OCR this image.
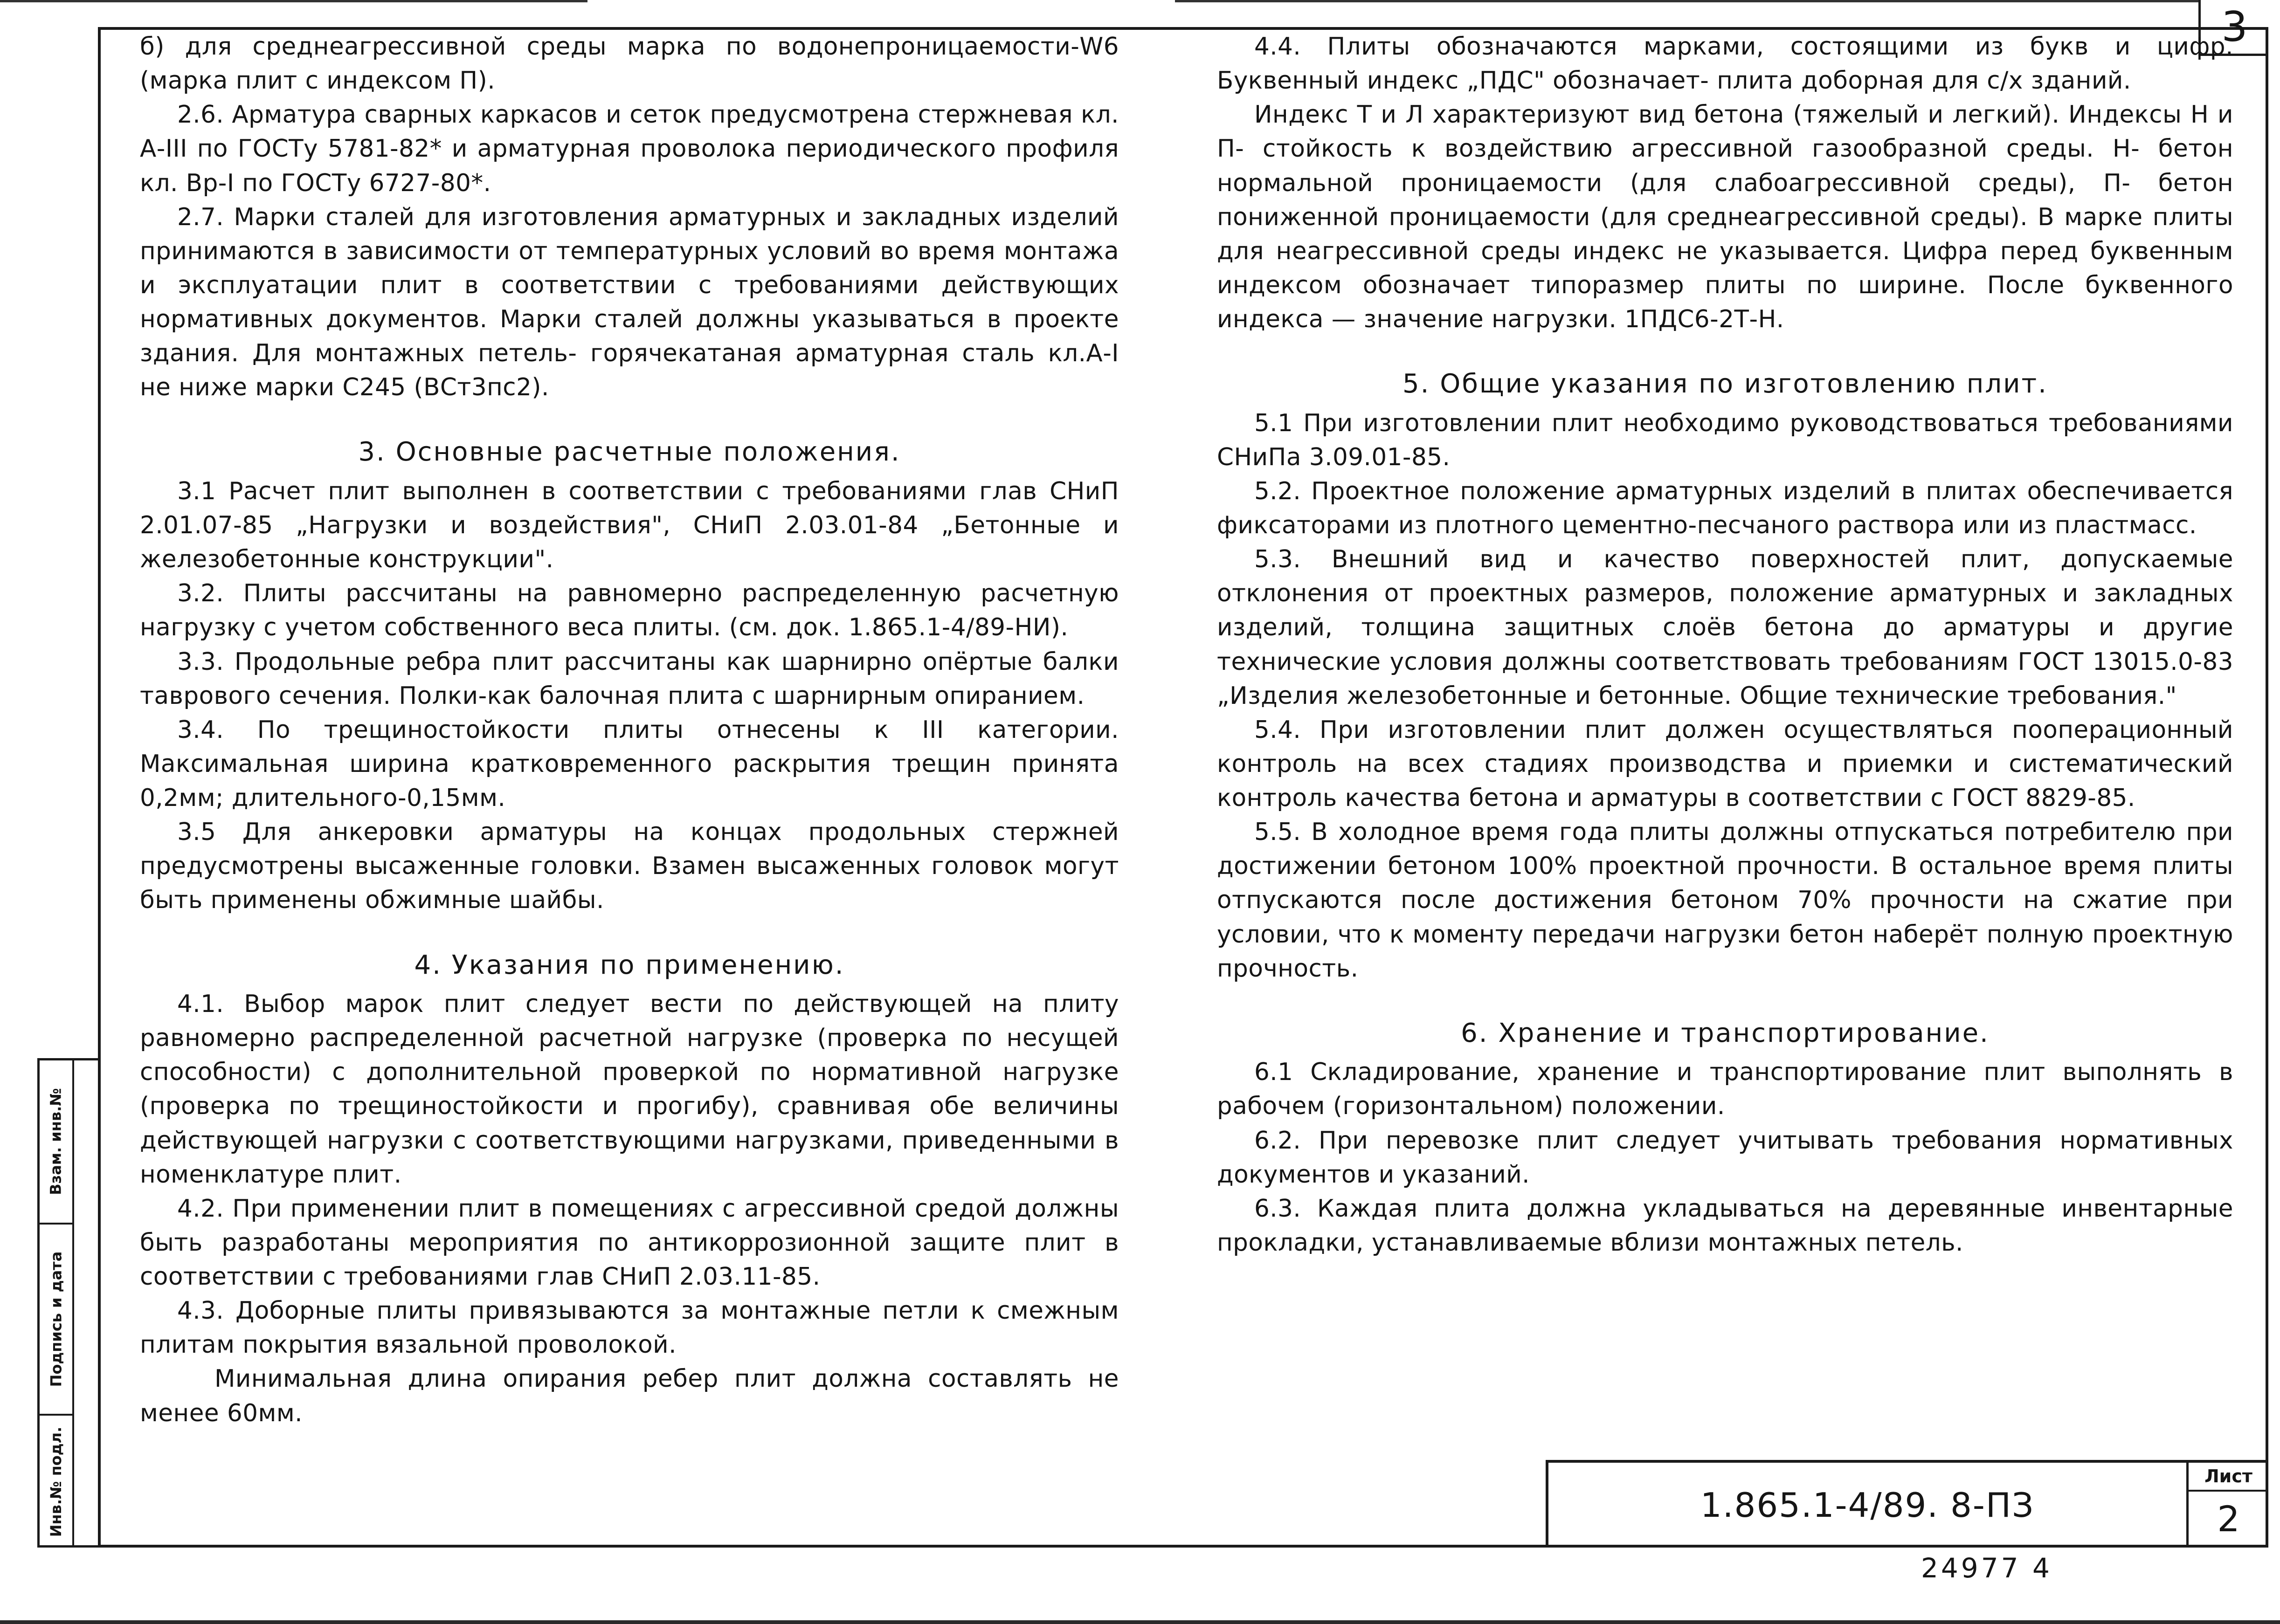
3
Взам. инв.№
Подпись и дата
Инв.№ подл.	1.865.1-4/89. 8-ПЗ
Лист
2
24977 4

б) для среднеагрессивной среды марка по водонепроницаемости-W6 (марка плит с индексом П).

2.6. Арматура сварных каркасов и сеток предусмотрена стержневая кл. А-III по ГОСТу 5781-82* и арматурная проволока периодического профиля кл. Вр-I по ГОСТу 6727-80*.

2.7. Марки сталей для изготовления арматурных и закладных изделий принимаются в зависимости от температурных условий во время монтажа и эксплуатации плит в соответствии с требованиями действующих нормативных документов. Марки сталей должны указываться в проекте здания. Для монтажных петель- горячекатаная арматурная сталь кл.А-I не ниже марки С245 (ВСт3пс2).

3. Основные расчетные положения.

3.1 Расчет плит выполнен в соответствии с требованиями глав СНиП 2.01.07-85 „Нагрузки и воздействия", СНиП 2.03.01-84 „Бетонные и железобетонные конструкции".

3.2. Плиты рассчитаны на равномерно распределенную расчетную нагрузку с учетом собственного веса плиты. (см. док. 1.865.1-4/89-НИ).

3.3. Продольные ребра плит рассчитаны как шарнирно опёртые балки таврового сечения. Полки-как балочная плита с шарнирным опиранием.

3.4. По трещиностойкости плиты отнесены к III категории. Максимальная ширина кратковременного раскрытия трещин принята 0,2мм; длительного-0,15мм.

3.5 Для анкеровки арматуры на концах продольных стержней предусмотрены высаженные головки. Взамен высаженных головок могут быть применены обжимные шайбы.

4. Указания по применению.

4.1. Выбор марок плит следует вести по действующей на плиту равномерно распределенной расчетной нагрузке (проверка по несущей способности) с дополнительной проверкой по нормативной нагрузке (проверка по трещиностойкости и прогибу), сравнивая обе величины действующей нагрузки с соответствующими нагрузками, приведенными в номенклатуре плит.

4.2. При применении плит в помещениях с агрессивной средой должны быть разработаны мероприятия по антикоррозионной защите плит в соответствии с требованиями глав СНиП 2.03.11-85.

4.3. Доборные плиты привязываются за монтажные петли к смежным плитам покрытия вязальной проволокой.

Минимальная длина опирания ребер плит должна составлять не менее 60мм.

4.4. Плиты обозначаются марками, состоящими из букв и цифр. Буквенный индекс „ПДС" обозначает- плита доборная для с/х зданий.

Индекс Т и Л характеризуют вид бетона (тяжелый и легкий). Индексы Н и П- стойкость к воздействию агрессивной газообразной среды. Н- бетон нормальной проницаемости (для слабоагрессивной среды), П- бетон пониженной проницаемости (для среднеагрессивной среды). В марке плиты для неагрессивной среды индекс не указывается. Цифра перед буквенным индексом обозначает типоразмер плиты по ширине. После буквенного индекса — значение нагрузки. 1ПДС6-2Т-Н.

5. Общие указания по изготовлению плит.

5.1 При изготовлении плит необходимо руководствоваться требованиями СНиПа 3.09.01-85.

5.2. Проектное положение арматурных изделий в плитах обеспечивается фиксаторами из плотного цементно-песчаного раствора или из пластмасс.

5.3. Внешний вид и качество поверхностей плит, допускаемые отклонения от проектных размеров, положение арматурных и закладных изделий, толщина защитных слоёв бетона до арматуры и другие технические условия должны соответствовать требованиям ГОСТ 13015.0-83 „Изделия железобетонные и бетонные. Общие технические требования."

5.4. При изготовлении плит должен осуществляться пооперационный контроль на всех стадиях производства и приемки и систематический контроль качества бетона и арматуры в соответствии с ГОСТ 8829-85.

5.5. В холодное время года плиты должны отпускаться потребителю при достижении бетоном 100% проектной прочности. В остальное время плиты отпускаются после достижения бетоном 70% прочности на сжатие при условии, что к моменту передачи нагрузки бетон наберёт полную проектную прочность.

6. Хранение и транспортирование.

6.1 Складирование, хранение и транспортирование плит выполнять в рабочем (горизонтальном) положении.

6.2. При перевозке плит следует учитывать требования нормативных документов и указаний.

6.3. Каждая плита должна укладываться на деревянные инвентарные прокладки, устанавливаемые вблизи монтажных петель.
